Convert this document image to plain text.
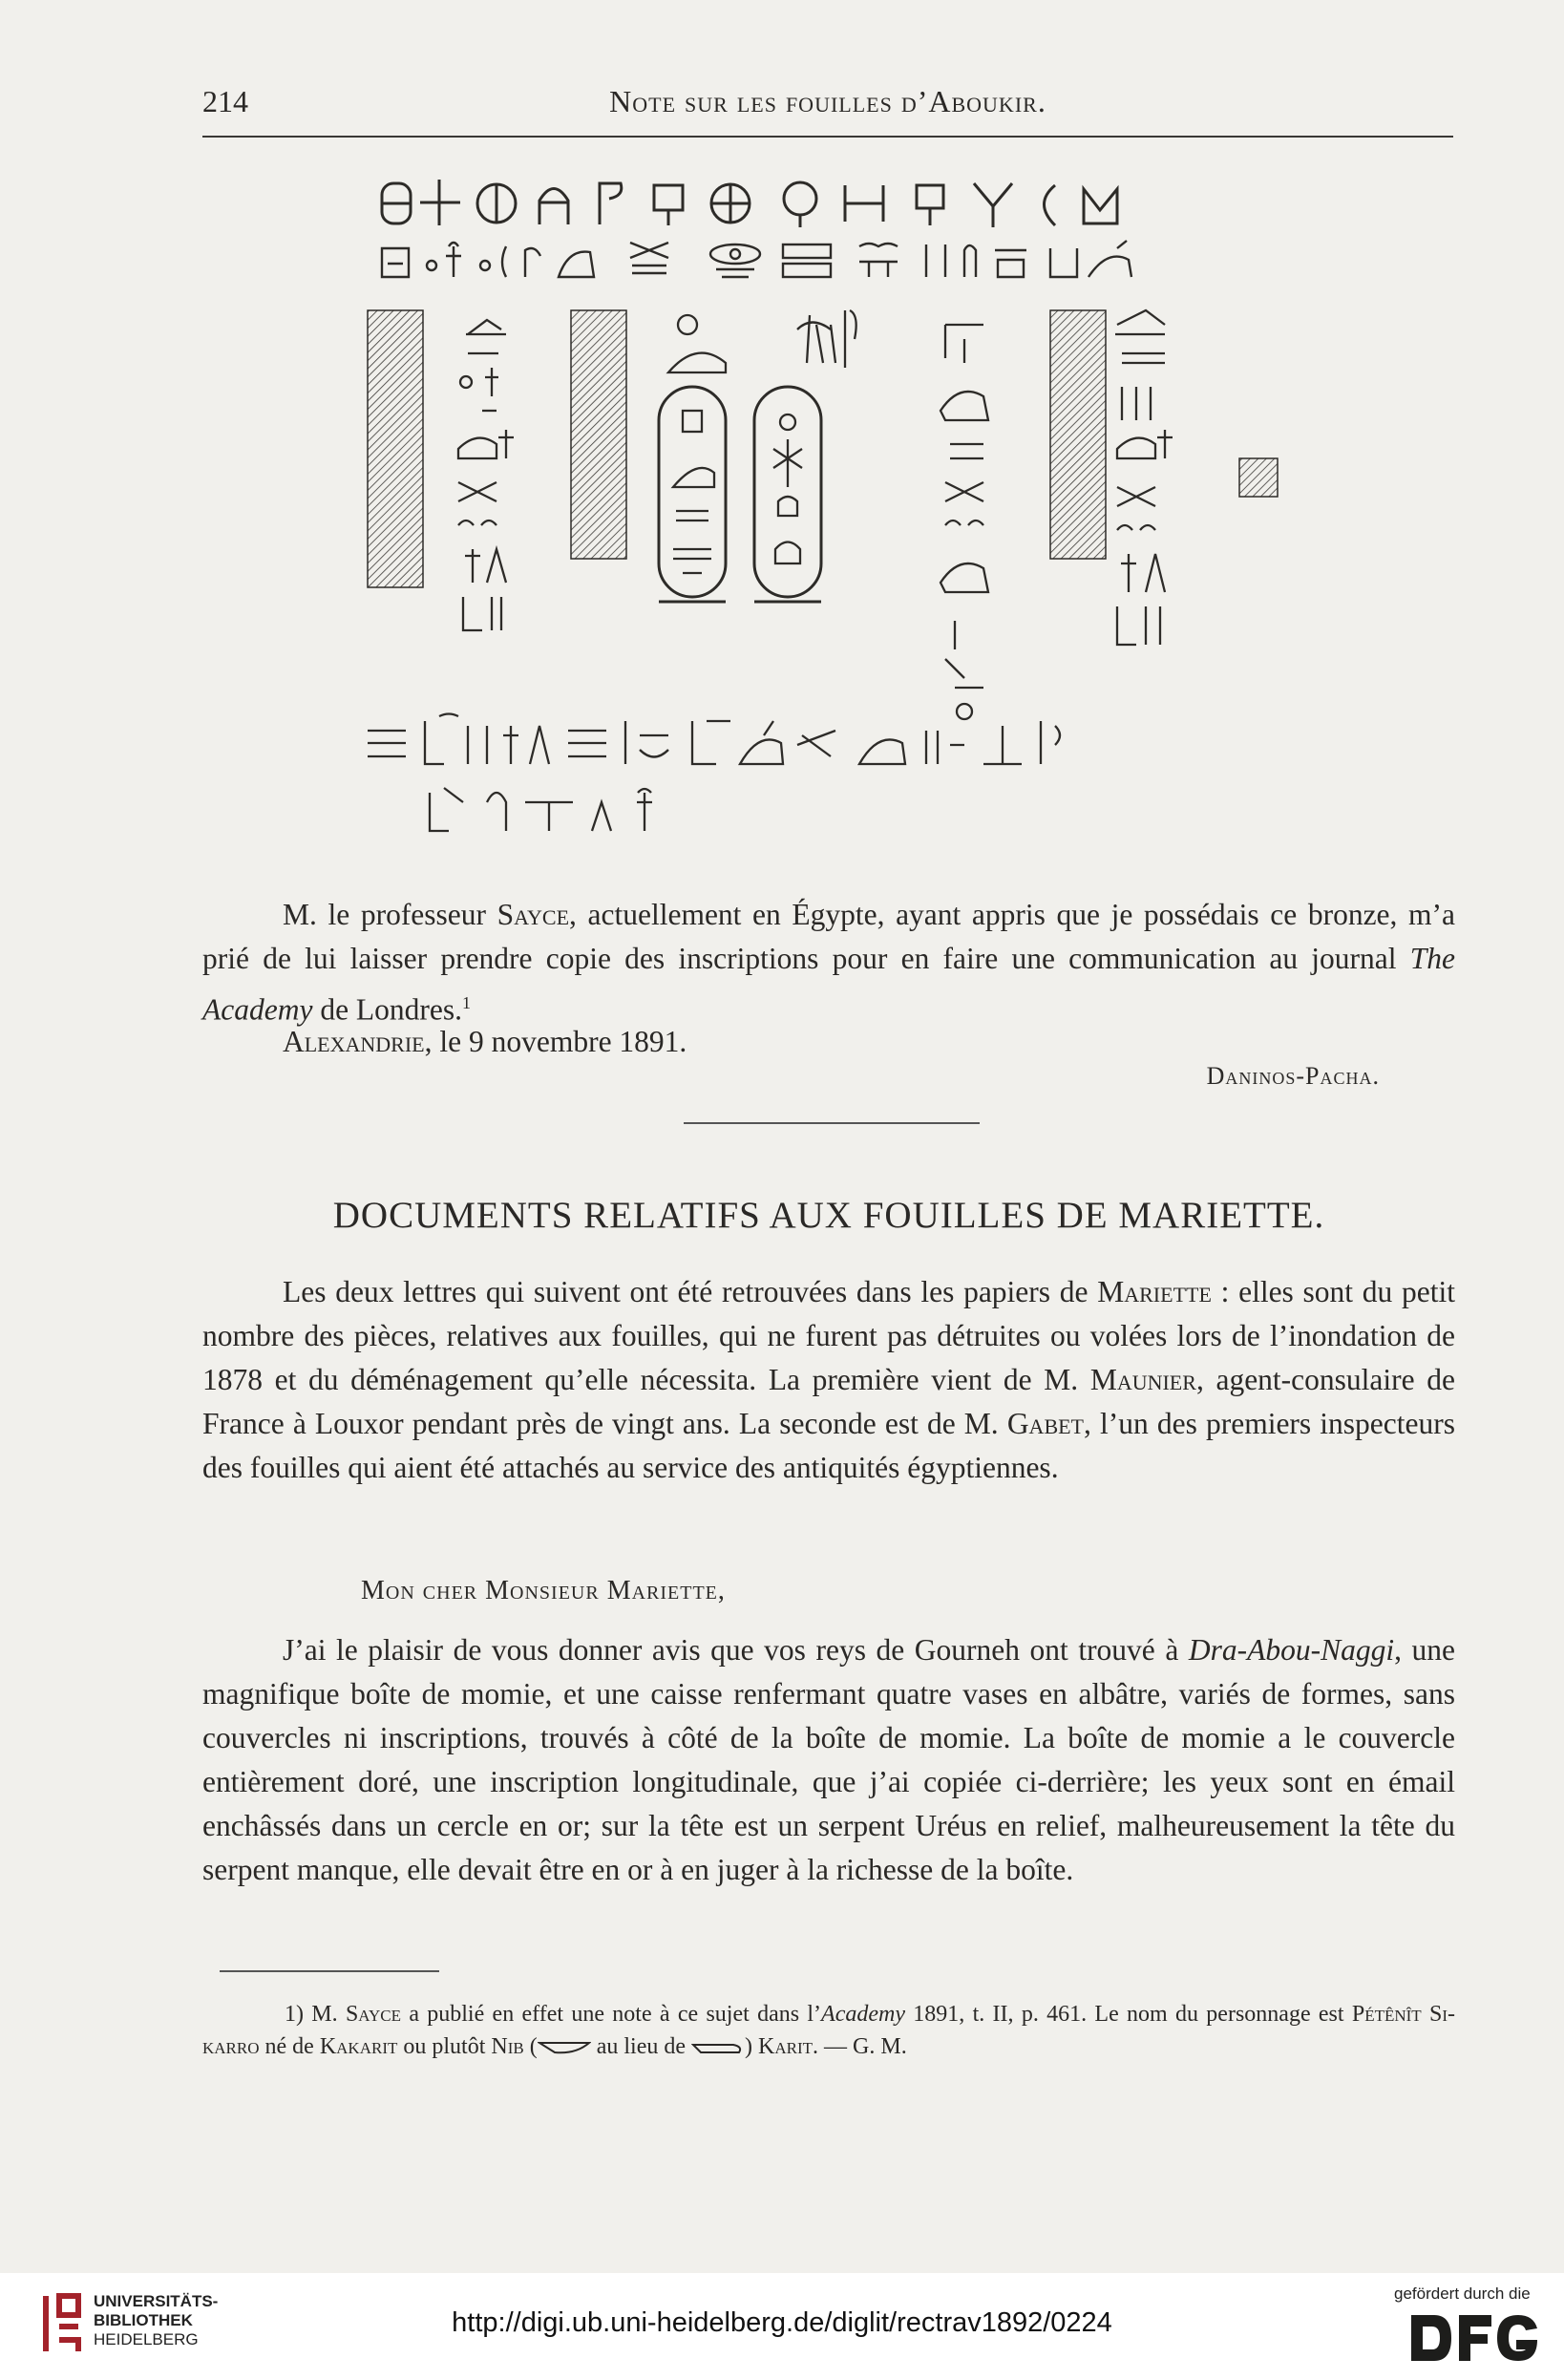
214	Note sur les fouilles d’Aboukir.

M. le professeur Sayce, actuellement en Égypte, ayant appris que je possédais ce bronze, m’a prié de lui laisser prendre copie des inscriptions pour en faire une communication au journal The Academy de Londres.$^1$

Alexandrie, le 9 novembre 1891.
Daninos-Pacha.
DOCUMENTS RELATIFS AUX FOUILLES DE MARIETTE.

Les deux lettres qui suivent ont été retrouvées dans les papiers de Mariette : elles sont du petit nombre des pièces, relatives aux fouilles, qui ne furent pas détruites ou volées lors de l’inondation de 1878 et du déménagement qu’elle nécessita. La première vient de M. Maunier, agent-consulaire de France à Louxor pendant près de vingt ans. La seconde est de M. Gabet, l’un des premiers inspecteurs des fouilles qui aient été attachés au service des antiquités égyptiennes.

Mon cher Monsieur Mariette,

J’ai le plaisir de vous donner avis que vos reys de Gourneh ont trouvé à Dra-Abou-Naggi, une magnifique boîte de momie, et une caisse renfermant quatre vases en albâtre, variés de formes, sans couvercles ni inscriptions, trouvés à côté de la boîte de momie. La boîte de momie a le couvercle entièrement doré, une inscription longitudinale, que j’ai copiée ci-derrière; les yeux sont en émail enchâssés dans un cercle en or; sur la tête est un serpent Uréus en relief, malheureusement la tête du serpent manque, elle devait être en or à en juger à la richesse de la boîte.

1) M. Sayce a publié en effet une note à ce sujet dans l’Academy 1891, t. II, p. 461. Le nom du personnage est Pétênît Si-karro né de Kakarit ou plutôt Nib ( au lieu de ) Karit. — G. M.

UNIVERSITÄTS-
BIBLIOTHEK
HEIDELBERG
http://digi.ub.uni-heidelberg.de/diglit/rectrav1892/0224
gefördert durch die
